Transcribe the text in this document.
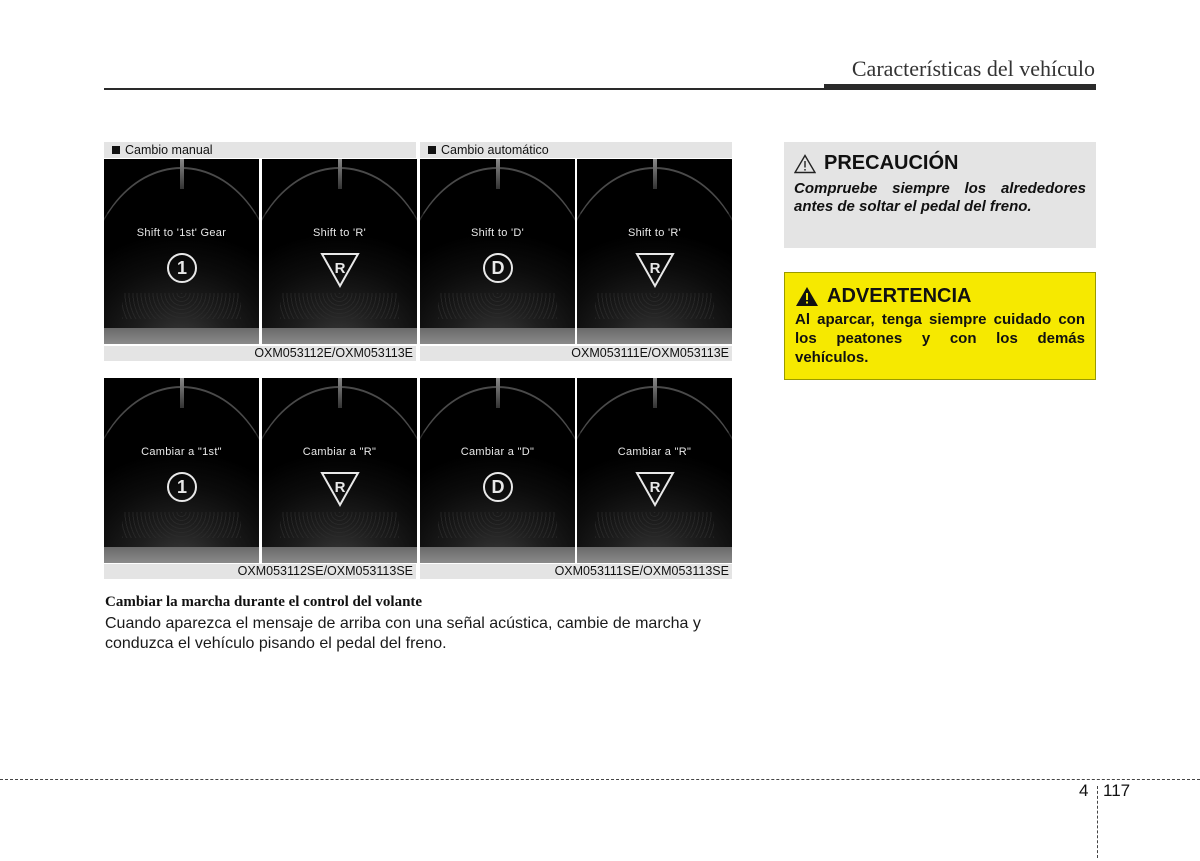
Características del vehículo
Cambio manual	Cambio automático
Shift to '1st' Gear
1
Shift to 'R'
R
Shift to 'D'
D
Shift to 'R'
R
OXM053112E/OXM053113E	OXM053111E/OXM053113E
Cambiar a "1st"
1
Cambiar a "R"
R
Cambiar a "D"
D
Cambiar a "R"
R
OXM053112SE/OXM053113SE	OXM053111SE/OXM053113SE
Cambiar la marcha durante el control del volante
Cuando aparezca el mensaje de arriba con una señal acústica, cambie de marcha y conduzca el vehículo pisando el pedal del freno.
PRECAUCIÓN
Compruebe siempre los alrededores antes de soltar el pedal del freno.
ADVERTENCIA
Al aparcar, tenga siempre cuidado con los peatones y con los demás vehículos.
4 117
